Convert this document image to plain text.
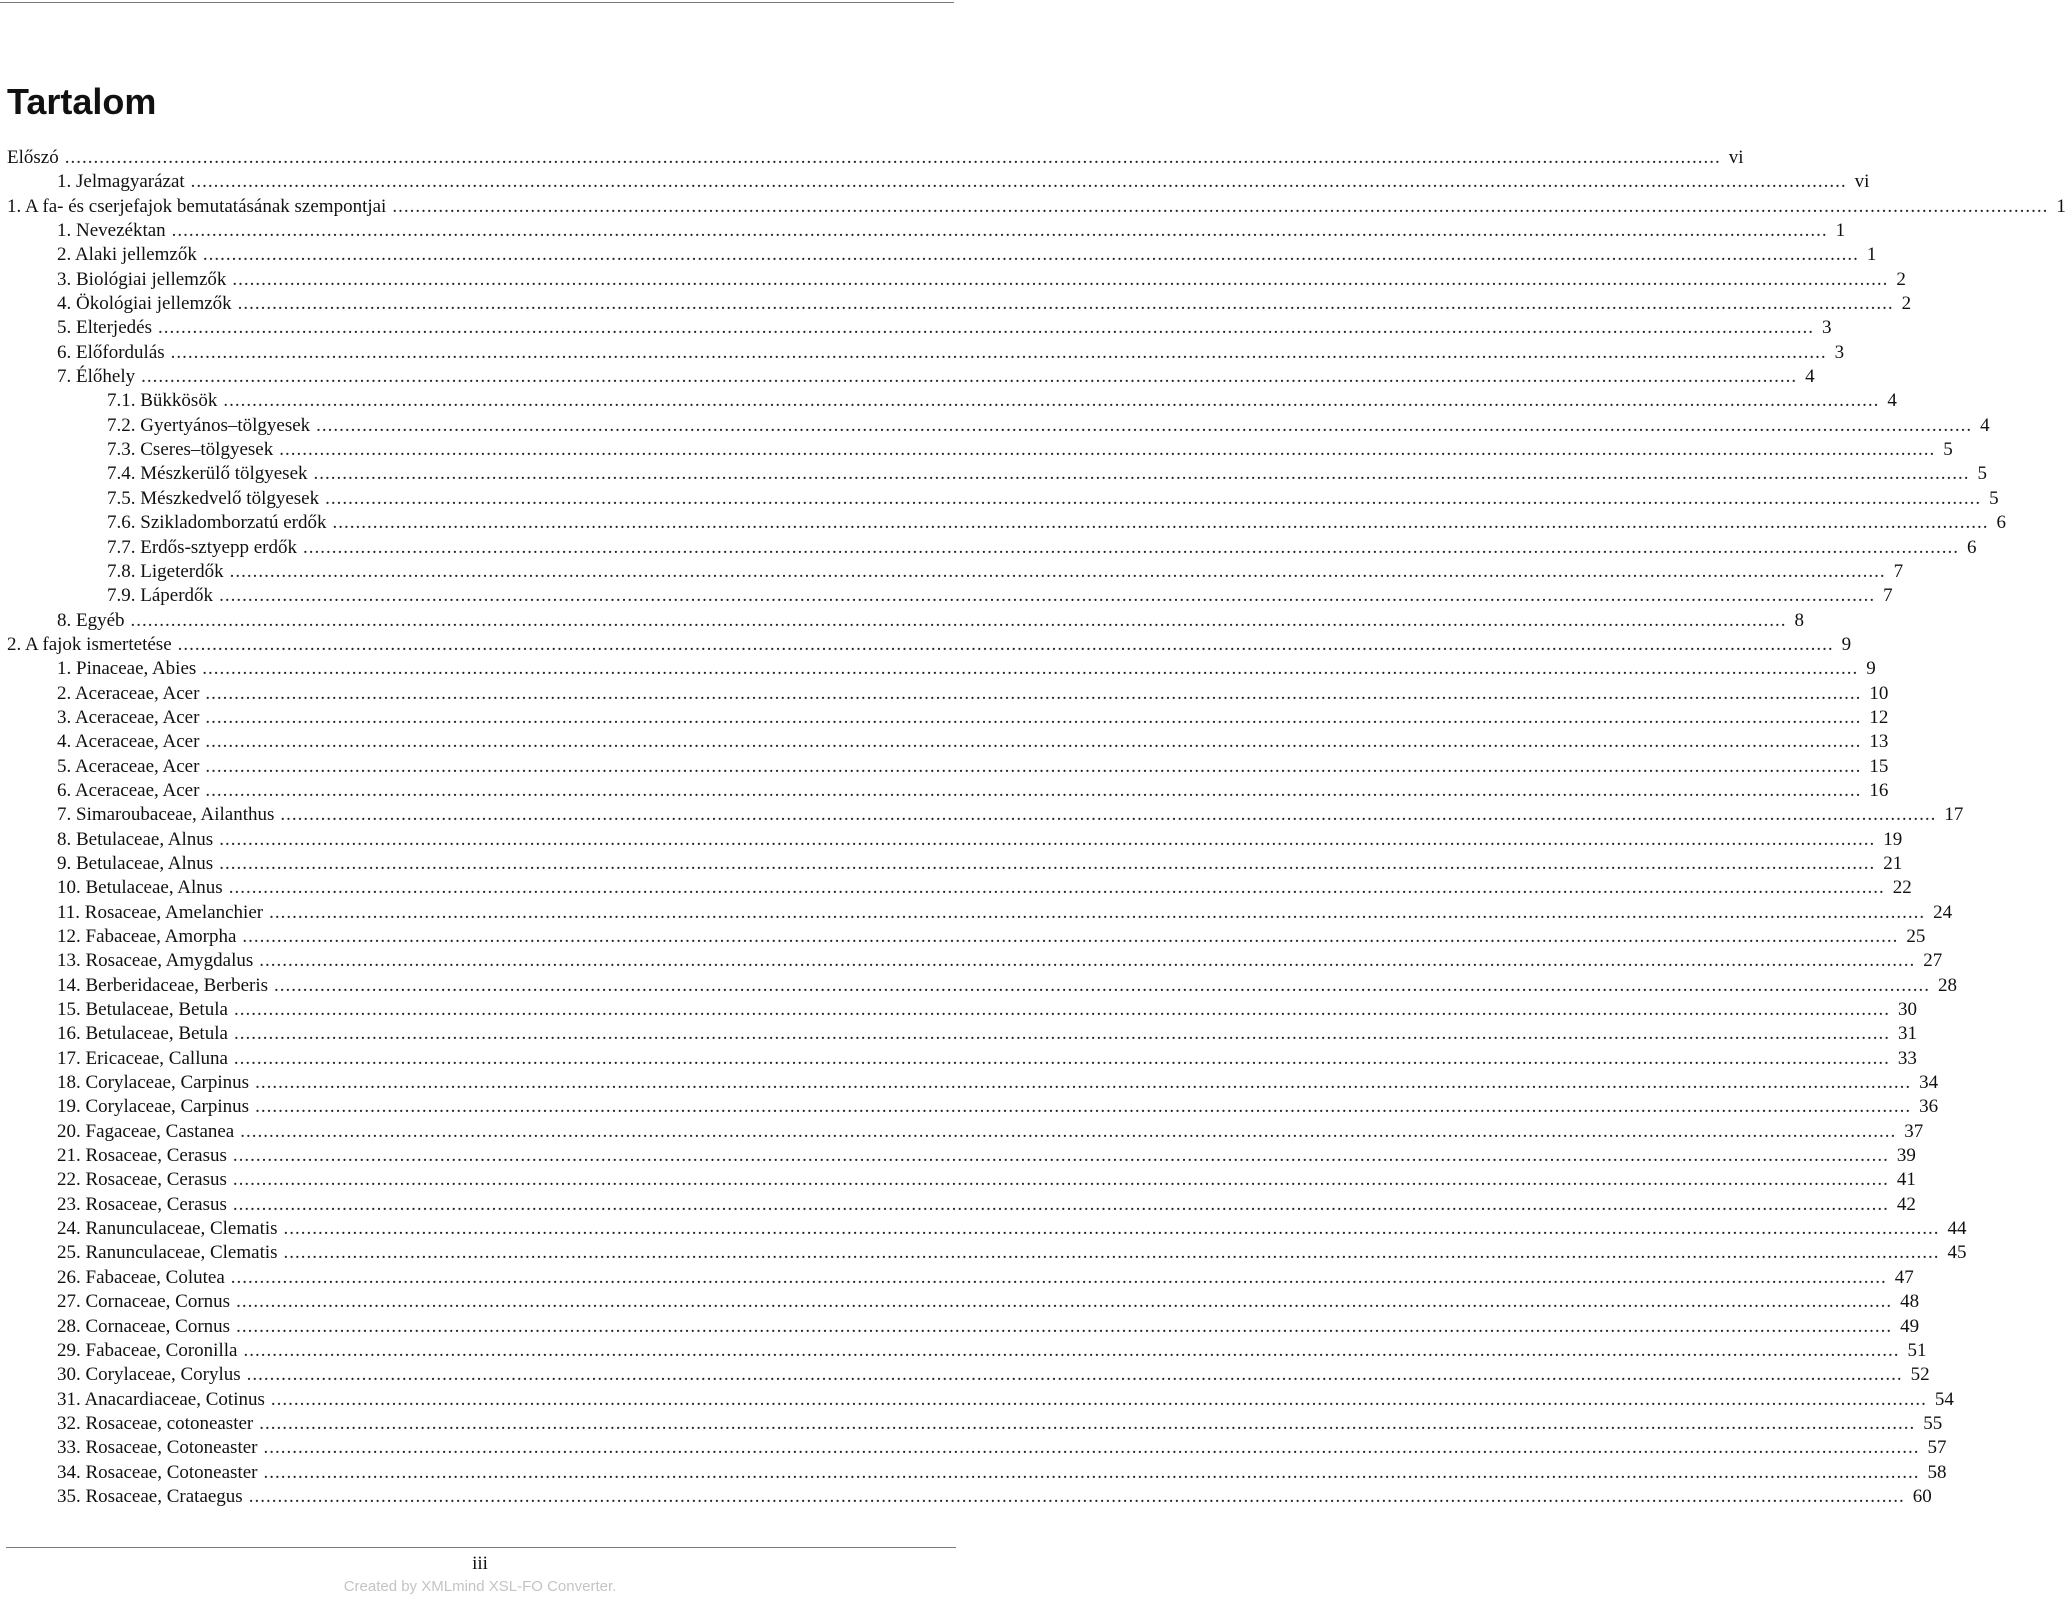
Tartalom
Előszó .....	vi
1. Jelmagyarázat .....	vi
1. A fa- és cserjefajok bemutatásának szempontjai .....	1
1. Nevezéktan .....	1
2. Alaki jellemzők .....	1
3. Biológiai jellemzők .....	2
4. Ökológiai jellemzők .....	2
5. Elterjedés .....	3
6. Előfordulás .....	3
7. Élőhely .....	4
7.1. Bükkösök .....	4
7.2. Gyertyános–tölgyesek .....	4
7.3. Cseres–tölgyesek .....	5
7.4. Mészkerülő tölgyesek .....	5
7.5. Mészkedvelő tölgyesek .....	5
7.6. Szikladomborzatú erdők .....	6
7.7. Erdős-sztyepp erdők .....	6
7.8. Ligeterdők .....	7
7.9. Láperdők .....	7
8. Egyéb .....	8
2. A fajok ismertetése .....	9
1. Pinaceae, Abies .....	9
2. Aceraceae, Acer .....	10
3. Aceraceae, Acer .....	12
4. Aceraceae, Acer .....	13
5. Aceraceae, Acer .....	15
6. Aceraceae, Acer .....	16
7. Simaroubaceae, Ailanthus .....	17
8. Betulaceae, Alnus .....	19
9. Betulaceae, Alnus .....	21
10. Betulaceae, Alnus .....	22
11. Rosaceae, Amelanchier .....	24
12. Fabaceae, Amorpha .....	25
13. Rosaceae, Amygdalus .....	27
14. Berberidaceae, Berberis .....	28
15. Betulaceae, Betula .....	30
16. Betulaceae, Betula .....	31
17. Ericaceae, Calluna .....	33
18. Corylaceae, Carpinus .....	34
19. Corylaceae, Carpinus .....	36
20. Fagaceae, Castanea .....	37
21. Rosaceae, Cerasus .....	39
22. Rosaceae, Cerasus .....	41
23. Rosaceae, Cerasus .....	42
24. Ranunculaceae, Clematis .....	44
25. Ranunculaceae, Clematis .....	45
26. Fabaceae, Colutea .....	47
27. Cornaceae, Cornus .....	48
28. Cornaceae, Cornus .....	49
29. Fabaceae, Coronilla .....	51
30. Corylaceae, Corylus .....	52
31. Anacardiaceae, Cotinus .....	54
32. Rosaceae, cotoneaster .....	55
33. Rosaceae, Cotoneaster .....	57
34. Rosaceae, Cotoneaster .....	58
35. Rosaceae, Crataegus .....	60
iii
Created by XMLmind XSL-FO Converter.
